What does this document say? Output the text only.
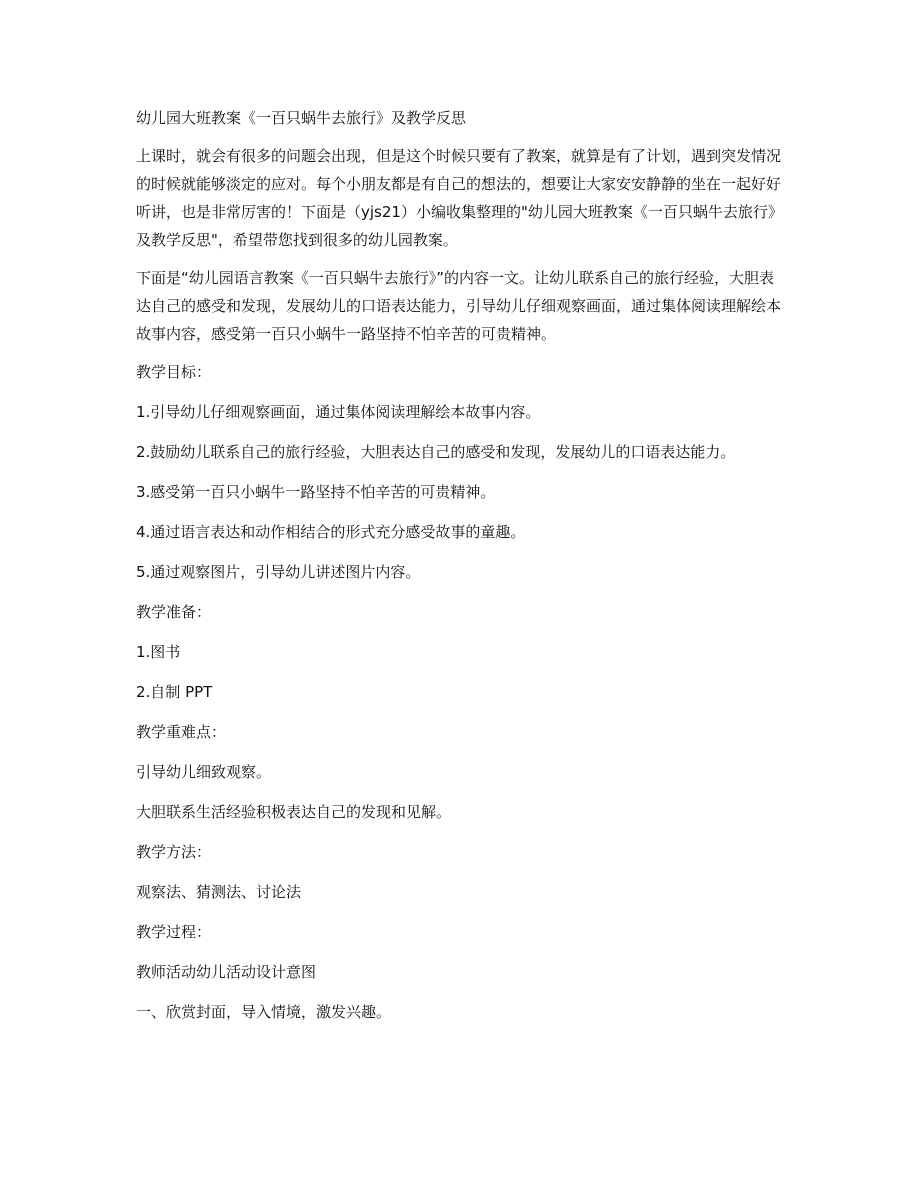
幼儿园大班教案《一百只蜗牛去旅行》及教学反思

上课时，就会有很多的问题会出现，但是这个时候只要有了教案，就算是有了计划，遇到突发情况的时候就能够淡定的应对。每个小朋友都是有自己的想法的，想要让大家安安静静的坐在一起好好听讲，也是非常厉害的！下面是（yjs21）小编收集整理的"幼儿园大班教案《一百只蜗牛去旅行》及教学反思"，希望带您找到很多的幼儿园教案。

下面是“幼儿园语言教案《一百只蜗牛去旅行》”的内容一文。让幼儿联系自己的旅行经验，大胆表达自己的感受和发现，发展幼儿的口语表达能力，引导幼儿仔细观察画面，通过集体阅读理解绘本故事内容，感受第一百只小蜗牛一路坚持不怕辛苦的可贵精神。

教学目标：

1.引导幼儿仔细观察画面，通过集体阅读理解绘本故事内容。

2.鼓励幼儿联系自己的旅行经验，大胆表达自己的感受和发现，发展幼儿的口语表达能力。

3.感受第一百只小蜗牛一路坚持不怕辛苦的可贵精神。

4.通过语言表达和动作相结合的形式充分感受故事的童趣。

5.通过观察图片，引导幼儿讲述图片内容。

教学准备：

1.图书

2.自制 PPT

教学重难点：

引导幼儿细致观察。

大胆联系生活经验积极表达自己的发现和见解。

教学方法：

观察法、猜测法、讨论法

教学过程：

教师活动幼儿活动设计意图

一、欣赏封面，导入情境，激发兴趣。
